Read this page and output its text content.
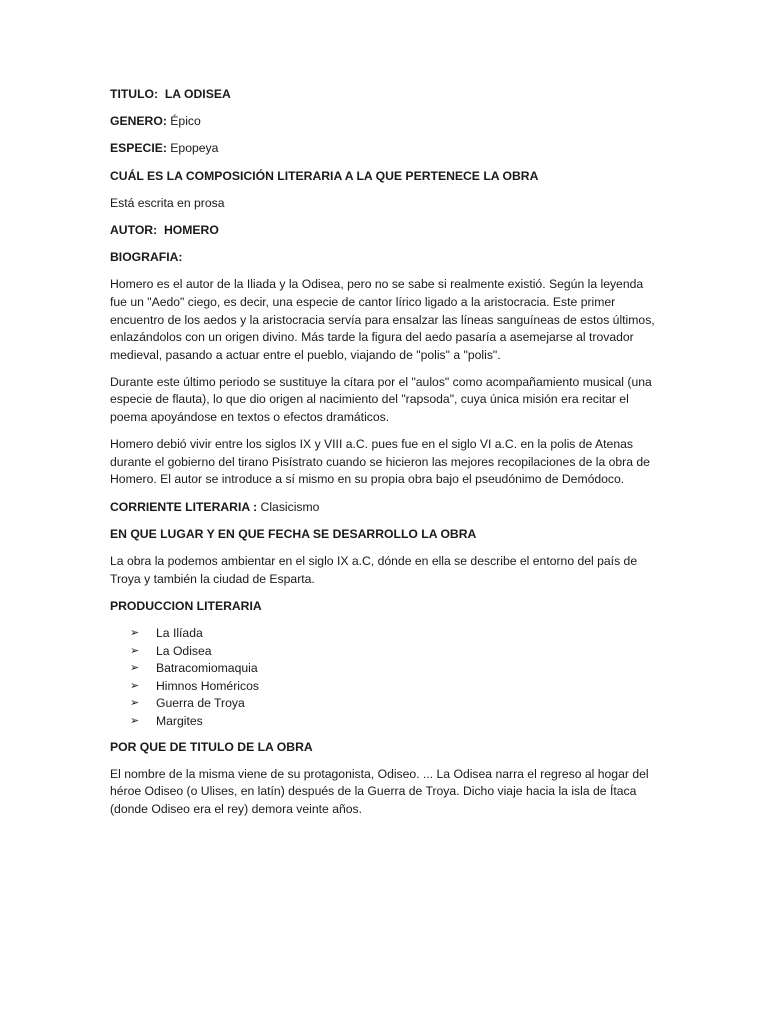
TITULO: LA ODISEA
GENERO: Épico
ESPECIE: Epopeya
CUÁL ES LA COMPOSICIÓN LITERARIA A LA QUE PERTENECE LA OBRA
Está escrita en prosa
AUTOR: HOMERO
BIOGRAFIA:

Homero es el autor de la Iliada y la Odisea, pero no se sabe si realmente existió. Según la leyenda fue un "Aedo" ciego, es decir, una especie de cantor lírico ligado a la aristocracia. Este primer encuentro de los aedos y la aristocracia servía para ensalzar las líneas sanguíneas de estos últimos, enlazándolos con un origen divino. Más tarde la figura del aedo pasaría a asemejarse al trovador medieval, pasando a actuar entre el pueblo, viajando de "polis" a "polis".

Durante este último periodo se sustituye la cítara por el "aulos" como acompañamiento musical (una especie de flauta), lo que dio origen al nacimiento del "rapsoda", cuya única misión era recitar el poema apoyándose en textos o efectos dramáticos.

Homero debió vivir entre los siglos IX y VIII a.C. pues fue en el siglo VI a.C. en la polis de Atenas durante el gobierno del tirano Pisístrato cuando se hicieron las mejores recopilaciones de la obra de Homero. El autor se introduce a sí mismo en su propia obra bajo el pseudónimo de Demódoco.

CORRIENTE LITERARIA : Clasicismo
EN QUE LUGAR Y EN QUE FECHA SE DESARROLLO LA OBRA

La obra la podemos ambientar en el siglo IX a.C, dónde en ella se describe el entorno del país de Troya y también la ciudad de Esparta.

PRODUCCION LITERARIA
➢ La Ilíada
➢ La Odisea
➢ Batracomiomaquia
➢ Himnos Homéricos
➢ Guerra de Troya
➢ Margites
POR QUE DE TITULO DE LA OBRA

El nombre de la misma viene de su protagonista, Odiseo. ... La Odisea narra el regreso al hogar del héroe Odiseo (o Ulises, en latín) después de la Guerra de Troya. Dicho viaje hacia la isla de Ítaca (donde Odiseo era el rey) demora veinte años.
